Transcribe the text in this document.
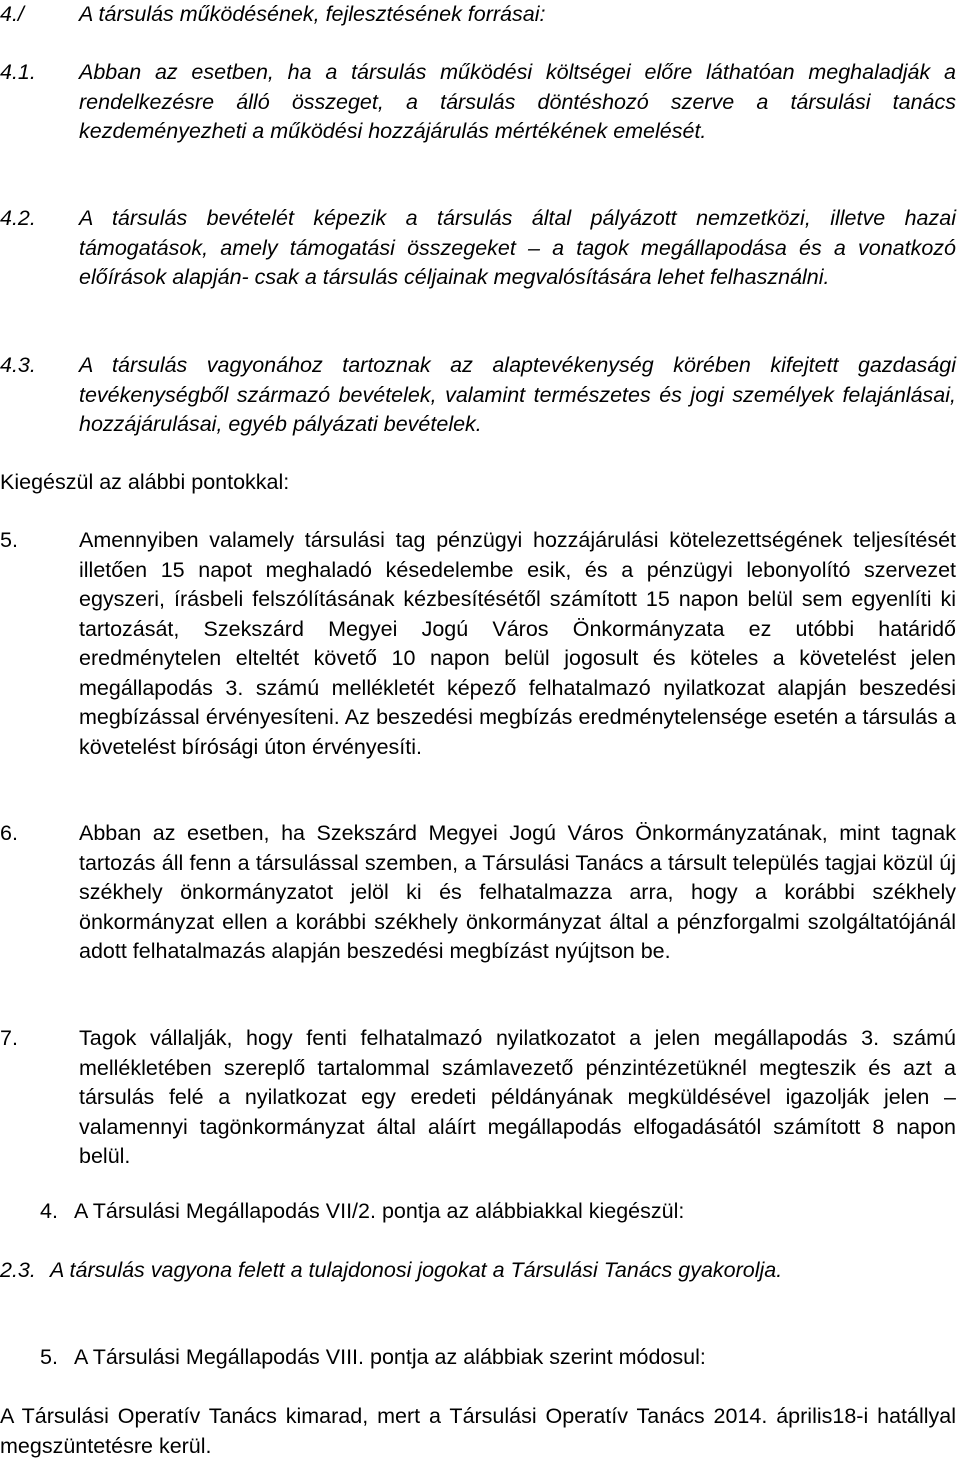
4./	A társulás működésének, fejlesztésének forrásai:
4.1. Abban az esetben, ha a társulás működési költségei előre láthatóan meghaladják a rendelkezésre álló összeget, a társulás döntéshozó szerve a társulási tanács kezdeményezheti a működési hozzájárulás mértékének emelését.
4.2. A társulás bevételét képezik a társulás által pályázott nemzetközi, illetve hazai támogatások, amely támogatási összegeket – a tagok megállapodása és a vonatkozó előírások alapján- csak a társulás céljainak megvalósítására lehet felhasználni.
4.3. A társulás vagyonához tartoznak az alaptevékenység körében kifejtett gazdasági tevékenységből származó bevételek, valamint természetes és jogi személyek felajánlásai, hozzájárulásai, egyéb pályázati bevételek.
Kiegészül az alábbi pontokkal:
5.	Amennyiben valamely társulási tag pénzügyi hozzájárulási kötelezettségének teljesítését illetően 15 napot meghaladó késedelembe esik, és a pénzügyi lebonyolító szervezet egyszeri, írásbeli felszólításának kézbesítésétől számított 15 napon belül sem egyenlíti ki tartozását, Szekszárd Megyei Jogú Város Önkormányzata ez utóbbi határidő eredménytelen elteltét követő 10 napon belül jogosult és köteles a követelést jelen megállapodás 3. számú mellékletét képező felhatalmazó nyilatkozat alapján beszedési megbízással érvényesíteni. Az beszedési megbízás eredménytelensége esetén a társulás a követelést bírósági úton érvényesíti.
6.	Abban az esetben, ha Szekszárd Megyei Jogú Város Önkormányzatának, mint tagnak tartozás áll fenn a társulással szemben, a Társulási Tanács a társult település tagjai közül új székhely önkormányzatot jelöl ki és felhatalmazza arra, hogy a korábbi székhely önkormányzat ellen a korábbi székhely önkormányzat által a pénzforgalmi szolgáltatójánál adott felhatalmazás alapján beszedési megbízást nyújtson be.
7.	Tagok vállalják, hogy fenti felhatalmazó nyilatkozatot a jelen megállapodás 3. számú mellékletében szereplő tartalommal számlavezető pénzintézetüknél megteszik és azt a társulás felé a nyilatkozat egy eredeti példányának megküldésével igazolják jelen – valamennyi tagönkormányzat által aláírt megállapodás elfogadásától számított 8 napon belül.
4. A Társulási Megállapodás VII/2. pontja az alábbiakkal kiegészül:
2.3. A társulás vagyona felett a tulajdonosi jogokat a Társulási Tanács gyakorolja.
5. A Társulási Megállapodás VIII. pontja az alábbiak szerint módosul:
A Társulási Operatív Tanács kimarad, mert a Társulási Operatív Tanács 2014. április18-i hatállyal megszüntetésre kerül.
